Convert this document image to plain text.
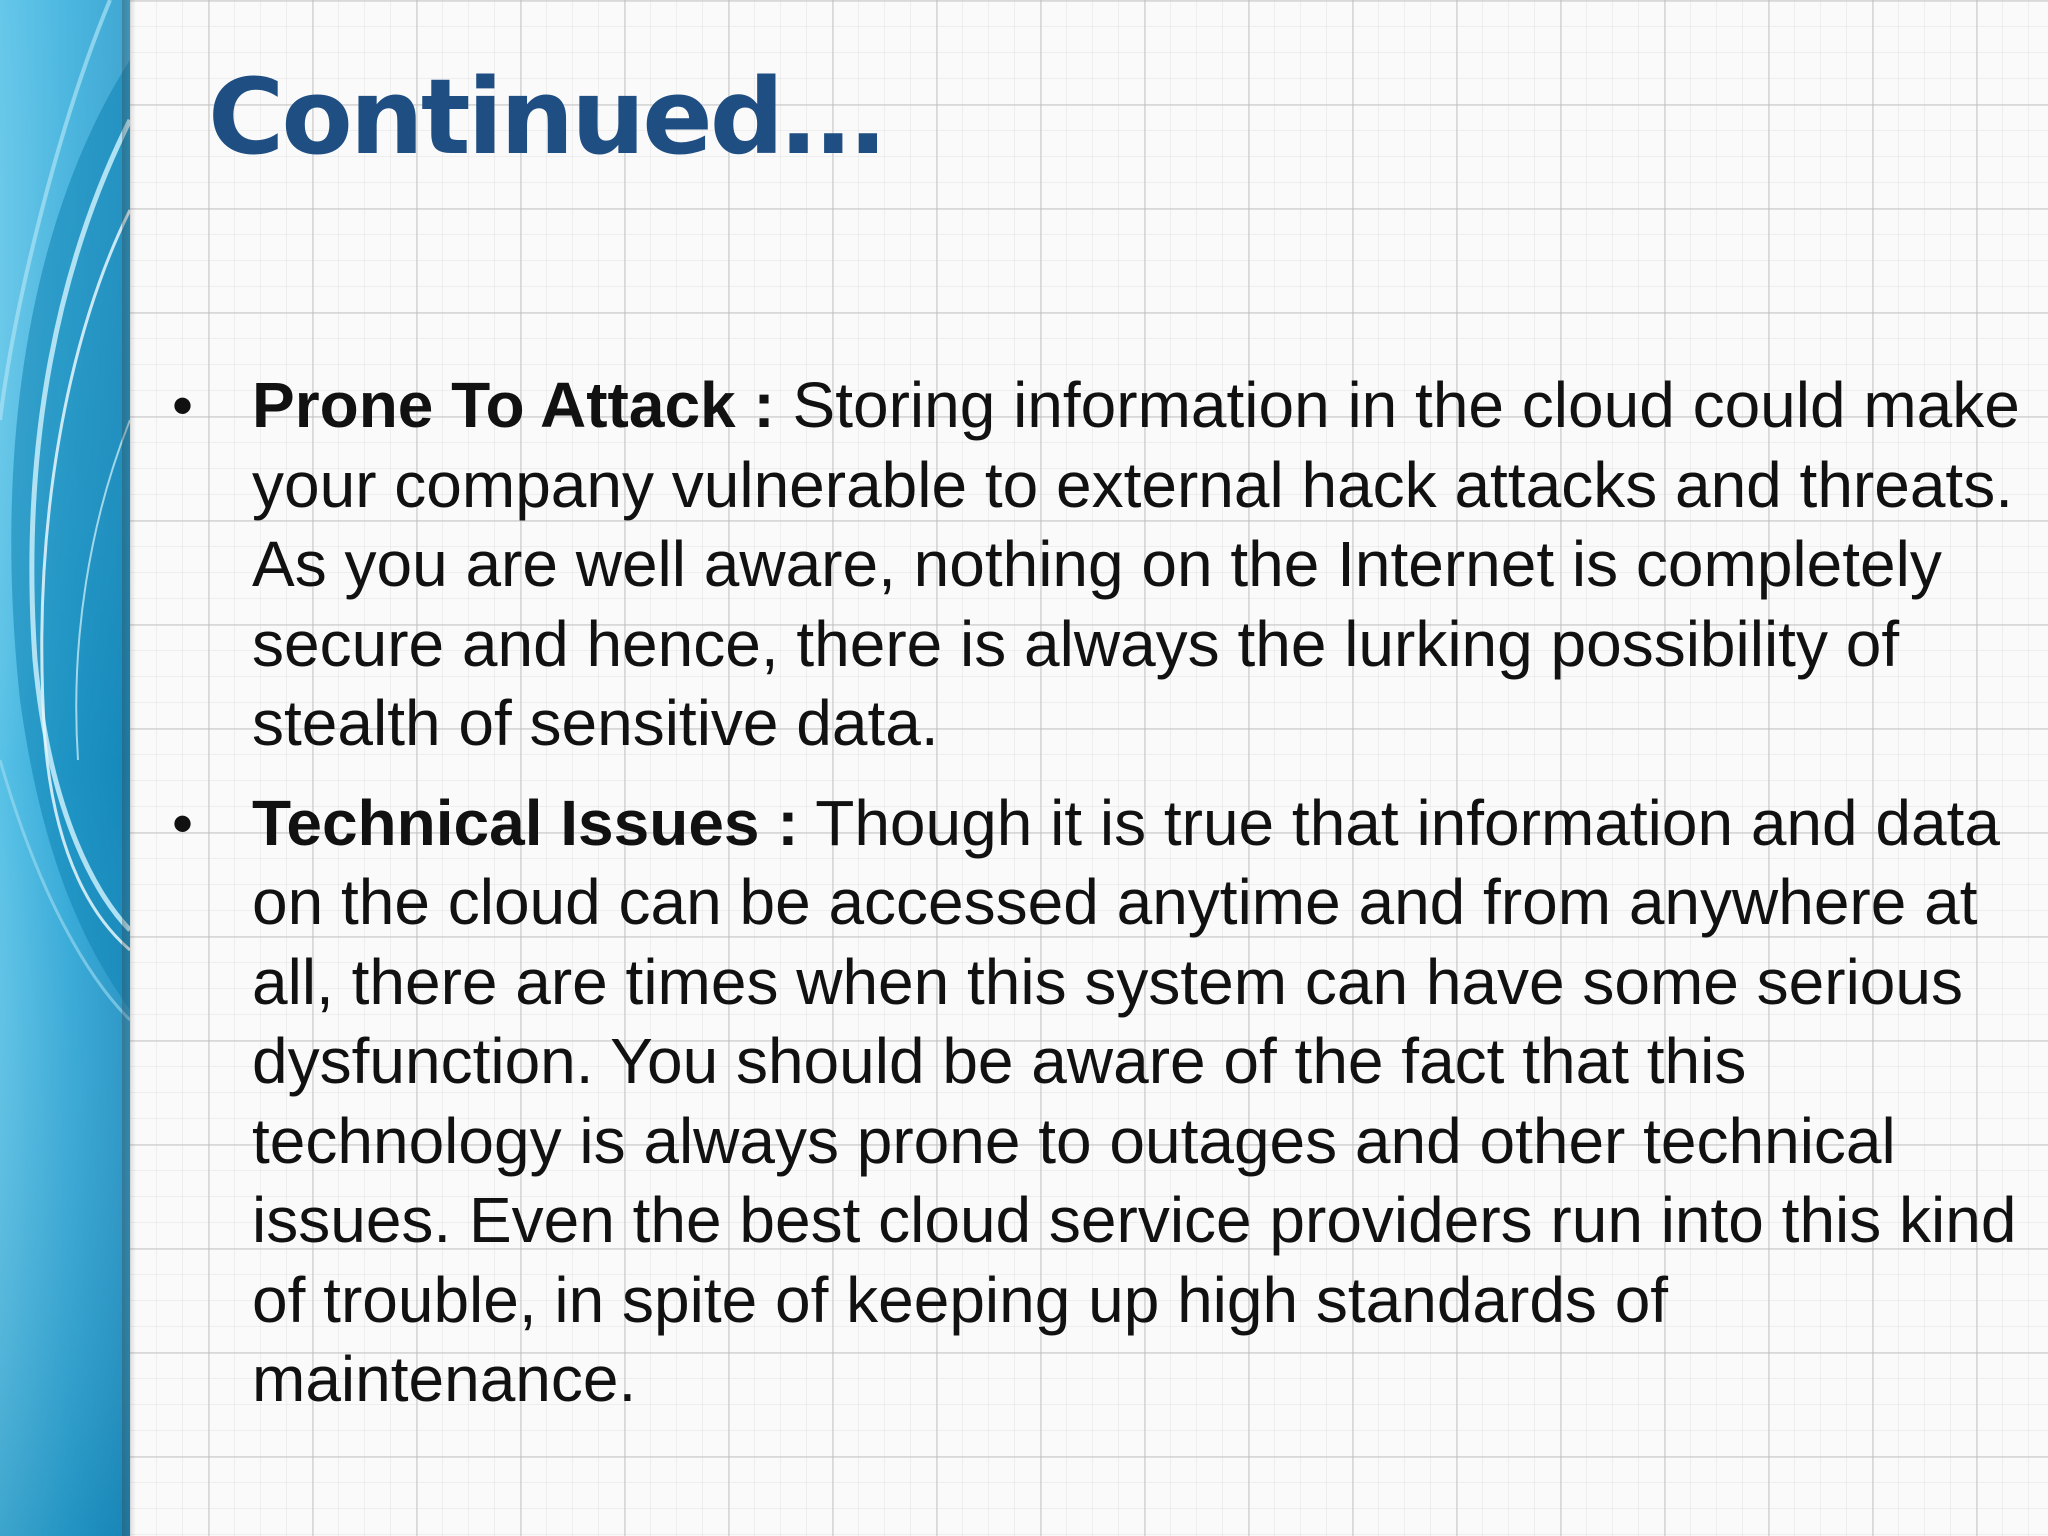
Continued…
• Prone To Attack : Storing information in the cloud could make your company vulnerable to external hack attacks and threats. As you are well aware, nothing on the Internet is completely secure and hence, there is always the lurking possibility of stealth of sensitive data.
• Technical Issues : Though it is true that information and data on the cloud can be accessed anytime and from anywhere at all, there are times when this system can have some serious dysfunction. You should be aware of the fact that this technology is always prone to outages and other technical issues. Even the best cloud service providers run into this kind of trouble, in spite of keeping up high standards of maintenance.
